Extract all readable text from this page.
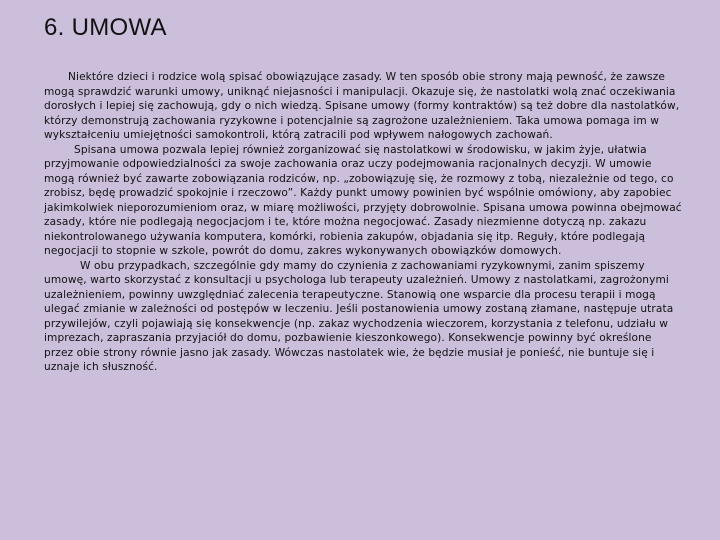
6. UMOWA

Niektóre dzieci i rodzice wolą spisać obowiązujące zasady. W ten sposób obie strony mają pewność, że zawsze mogą sprawdzić warunki umowy, uniknąć niejasności i manipulacji. Okazuje się, że nastolatki wolą znać oczekiwania dorosłych i lepiej się zachowują, gdy o nich wiedzą. Spisane umowy (formy kontraktów) są też dobre dla nastolatków, którzy demonstrują zachowania ryzykowne i potencjalnie są zagrożone uzależnieniem. Taka umowa pomaga im w wykształceniu umiejętności samokontroli, którą zatracili pod wpływem nałogowych zachowań.

Spisana umowa pozwala lepiej również zorganizować się nastolatkowi w środowisku, w jakim żyje, ułatwia przyjmowanie odpowiedzialności za swoje zachowania oraz uczy podejmowania racjonalnych decyzji. W umowie mogą również być zawarte zobowiązania rodziców, np. „zobowiązuję się, że rozmowy z tobą, niezależnie od tego, co zrobisz, będę prowadzić spokojnie i rzeczowo”. Każdy punkt umowy powinien być wspólnie omówiony, aby zapobiec jakimkolwiek nieporozumieniom oraz, w miarę możliwości, przyjęty dobrowolnie. Spisana umowa powinna obejmować zasady, które nie podlegają negocjacjom i te, które można negocjować. Zasady niezmienne dotyczą np. zakazu niekontrolowanego używania komputera, komórki, robienia zakupów, objadania się itp. Reguły, które podlegają negocjacji to stopnie w szkole, powrót do domu, zakres wykonywanych obowiązków domowych.

W obu przypadkach, szczególnie gdy mamy do czynienia z zachowaniami ryzykownymi, zanim spiszemy umowę, warto skorzystać z konsultacji u psychologa lub terapeuty uzależnień. Umowy z nastolatkami, zagrożonymi uzależnieniem, powinny uwzględniać zalecenia terapeutyczne. Stanowią one wsparcie dla procesu terapii i mogą ulegać zmianie w zależności od postępów w leczeniu. Jeśli postanowienia umowy zostaną złamane, następuje utrata przywilejów, czyli pojawiają się konsekwencje (np. zakaz wychodzenia wieczorem, korzystania z telefonu, udziału w imprezach, zapraszania przyjaciół do domu, pozbawienie kieszonkowego). Konsekwencje powinny być określone przez obie strony równie jasno jak zasady. Wówczas nastolatek wie, że będzie musiał je ponieść, nie buntuje się i uznaje ich słuszność.
